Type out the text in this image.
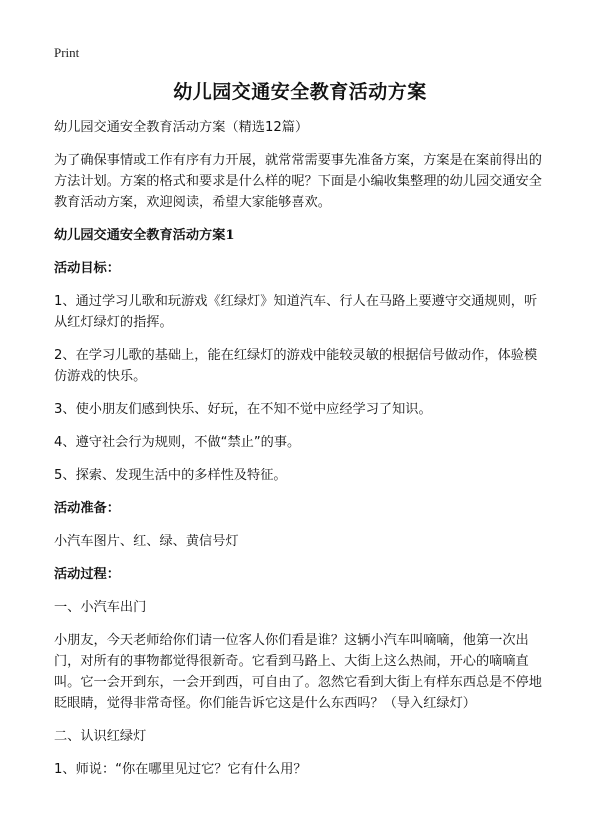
Print
幼儿园交通安全教育活动方案

幼儿园交通安全教育活动方案（精选12篇）

为了确保事情或工作有序有力开展，就常常需要事先准备方案，方案是在案前得出的方法计划。方案的格式和要求是什么样的呢？下面是小编收集整理的幼儿园交通安全教育活动方案，欢迎阅读，希望大家能够喜欢。

幼儿园交通安全教育活动方案1

活动目标：

1、通过学习儿歌和玩游戏《红绿灯》知道汽车、行人在马路上要遵守交通规则，听从红灯绿灯的指挥。

2、在学习儿歌的基础上，能在红绿灯的游戏中能较灵敏的根据信号做动作，体验模仿游戏的快乐。

3、使小朋友们感到快乐、好玩，在不知不觉中应经学习了知识。

4、遵守社会行为规则，不做“禁止”的事。

5、探索、发现生活中的多样性及特征。

活动准备：

小汽车图片、红、绿、黄信号灯

活动过程：

一、小汽车出门

小朋友，今天老师给你们请一位客人你们看是谁？这辆小汽车叫嘀嘀，他第一次出门，对所有的事物都觉得很新奇。它看到马路上、大街上这么热闹，开心的嘀嘀直叫。它一会开到东，一会开到西，可自由了。忽然它看到大街上有样东西总是不停地眨眼睛，觉得非常奇怪。你们能告诉它这是什么东西吗？（导入红绿灯）

二、认识红绿灯

1、师说：“你在哪里见过它？它有什么用？
